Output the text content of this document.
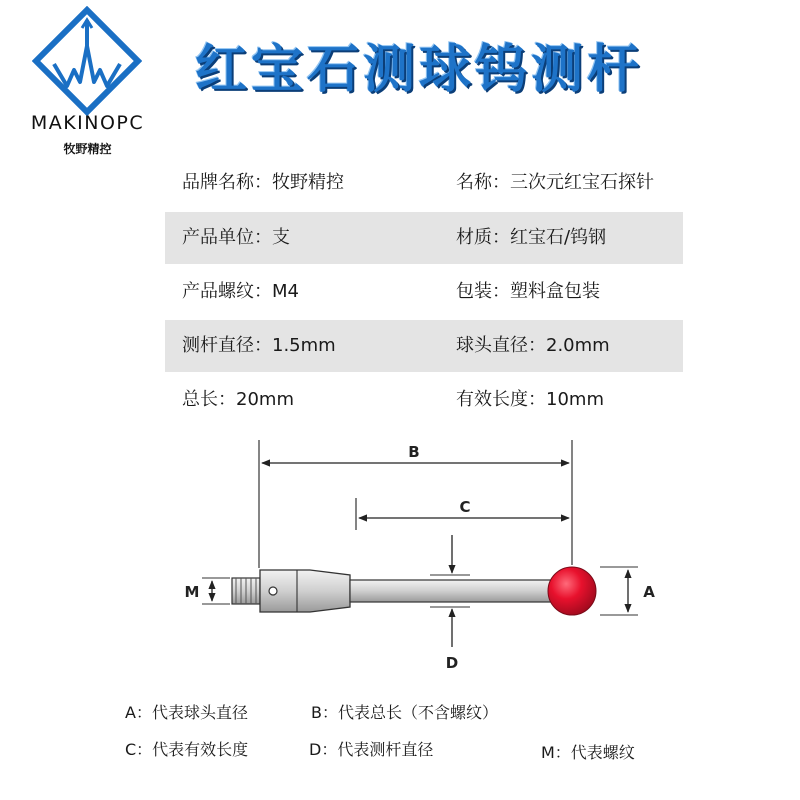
MAKINOPC
牧野精控
红宝石测球钨测杆
品牌名称：牧野精控	名称：三次元红宝石探针
产品单位：支	材质：红宝石/钨钢
产品螺纹：M4	包装：塑料盒包装
测杆直径：1.5mm	球头直径：2.0mm
总长：20mm	有效长度：10mm
B
C
D
A
M
A：代表球头直径	B：代表总长（不含螺纹）
C：代表有效长度	D：代表测杆直径	M：代表螺纹
